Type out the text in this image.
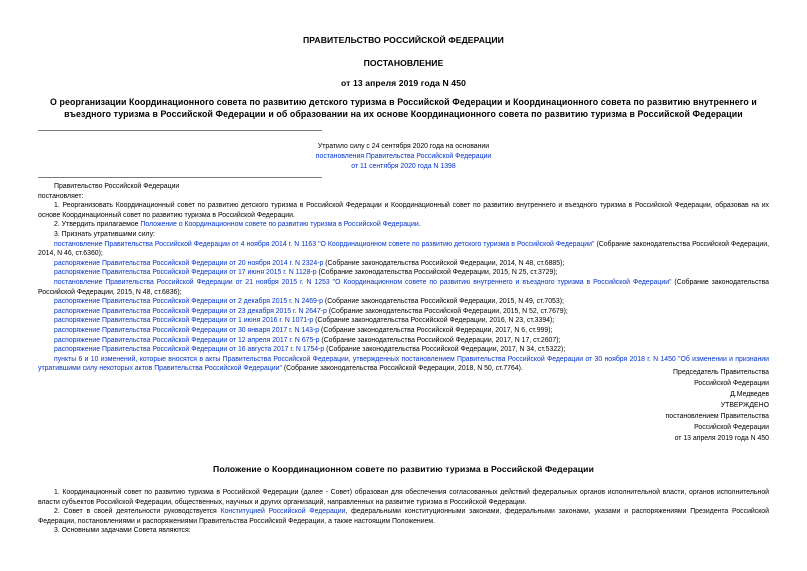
ПРАВИТЕЛЬСТВО РОССИЙСКОЙ ФЕДЕРАЦИИ
ПОСТАНОВЛЕНИЕ
от 13 апреля 2019 года N 450
О реорганизации Координационного совета по развитию детского туризма в Российской Федерации и Координационного совета по развитию внутреннего и въездного туризма в Российской Федерации и об образовании на их основе Координационного совета по развитию туризма в Российской Федерации
Утратило силу с 24 сентября 2020 года на основании
постановления Правительства Российской Федерации
от 11 сентября 2020 года N 1398

Правительство Российской Федерации

постановляет:

1. Реорганизовать Координационный совет по развитию детского туризма в Российской Федерации и Координационный совет по развитию внутреннего и въездного туризма в Российской Федерации, образовав на их основе Координационный совет по развитию туризма в Российской Федерации.

2. Утвердить прилагаемое Положение о Координационном совете по развитию туризма в Российской Федерации.

3. Признать утратившими силу:

постановление Правительства Российской Федерации от 4 ноября 2014 г. N 1163 "О Координационном совете по развитию детского туризма в Российской Федерации" (Собрание законодательства Российской Федерации, 2014, N 46, ст.6360);

распоряжение Правительства Российской Федерации от 20 ноября 2014 г. N 2324-р (Собрание законодательства Российской Федерации, 2014, N 48, ст.6885);

распоряжение Правительства Российской Федерации от 17 июня 2015 г. N 1128-р (Собрание законодательства Российской Федерации, 2015, N 25, ст.3729);

постановление Правительства Российской Федерации от 21 ноября 2015 г. N 1253 "О Координационном совете по развитию внутреннего и въездного туризма в Российской Федерации" (Собрание законодательства Российской Федерации, 2015, N 48, ст.6836);

распоряжение Правительства Российской Федерации от 2 декабря 2015 г. N 2469-р (Собрание законодательства Российской Федерации, 2015, N 49, ст.7053);

распоряжение Правительства Российской Федерации от 23 декабря 2015 г. N 2647-р (Собрание законодательства Российской Федерации, 2015, N 52, ст.7679);

распоряжение Правительства Российской Федерации от 1 июня 2016 г. N 1071-р (Собрание законодательства Российской Федерации, 2016, N 23, ст.3394);

распоряжение Правительства Российской Федерации от 30 января 2017 г. N 143-р (Собрание законодательства Российской Федерации, 2017, N 6, ст.999);

распоряжение Правительства Российской Федерации от 12 апреля 2017 г. N 675-р (Собрание законодательства Российской Федерации, 2017, N 17, ст.2607);

распоряжение Правительства Российской Федерации от 16 августа 2017 г. N 1754-р (Собрание законодательства Российской Федерации, 2017, N 34, ст.5322);

пункты 6 и 10 изменений, которые вносятся в акты Правительства Российской Федерации, утвержденных постановлением Правительства Российской Федерации от 30 ноября 2018 г. N 1450 "Об изменении и признании утратившими силу некоторых актов Правительства Российской Федерации" (Собрание законодательства Российской Федерации, 2018, N 50, ст.7764).

Председатель Правительства
Российской Федерации
Д.Медведев
УТВЕРЖДЕНО
постановлением Правительства
Российской Федерации
от 13 апреля 2019 года N 450
Положение о Координационном совете по развитию туризма в Российской Федерации

1. Координационный совет по развитию туризма в Российской Федерации (далее - Совет) образован для обеспечения согласованных действий федеральных органов исполнительной власти, органов исполнительной власти субъектов Российской Федерации, общественных, научных и других организаций, направленных на развитие туризма в Российской Федерации.

2. Совет в своей деятельности руководствуется Конституцией Российской Федерации, федеральными конституционными законами, федеральными законами, указами и распоряжениями Президента Российской Федерации, постановлениями и распоряжениями Правительства Российской Федерации, а также настоящим Положением.

3. Основными задачами Совета являются:
